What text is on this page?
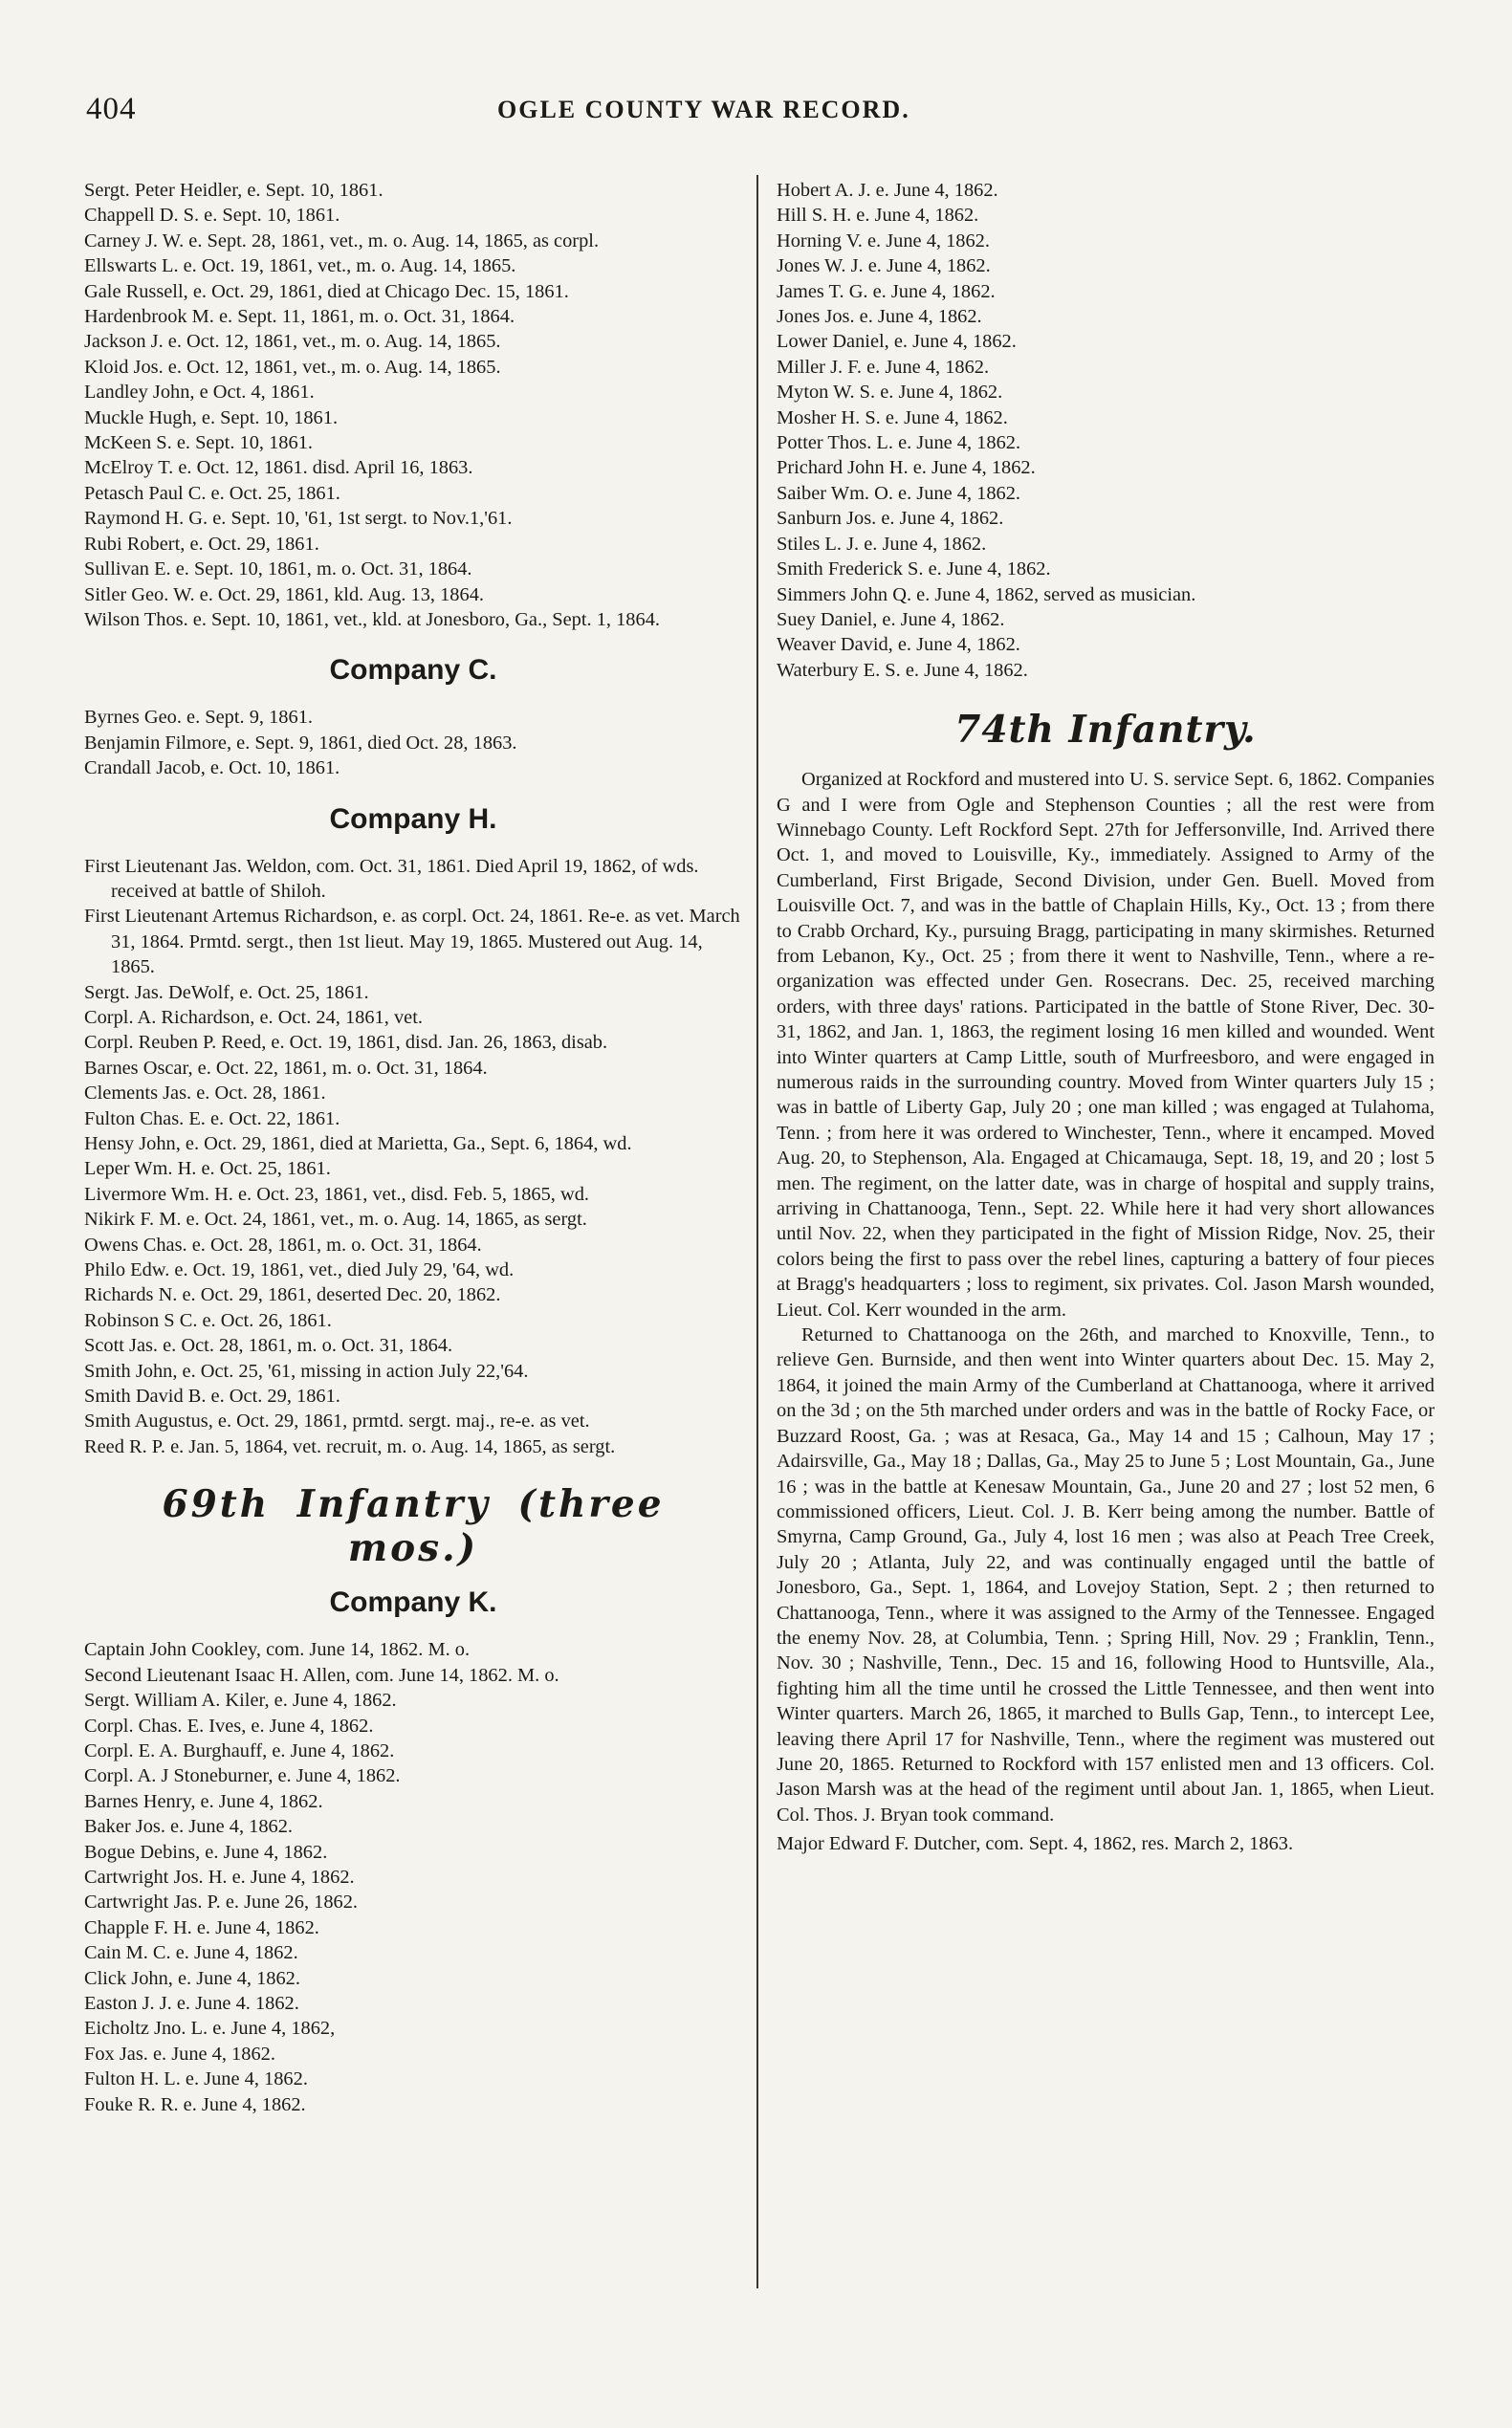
404	OGLE COUNTY WAR RECORD.

Sergt. Peter Heidler, e. Sept. 10, 1861.

Chappell D. S. e. Sept. 10, 1861.

Carney J. W. e. Sept. 28, 1861, vet., m. o. Aug. 14, 1865, as corpl.

Ellswarts L. e. Oct. 19, 1861, vet., m. o. Aug. 14, 1865.

Gale Russell, e. Oct. 29, 1861, died at Chicago Dec. 15, 1861.

Hardenbrook M. e. Sept. 11, 1861, m. o. Oct. 31, 1864.

Jackson J. e. Oct. 12, 1861, vet., m. o. Aug. 14, 1865.

Kloid Jos. e. Oct. 12, 1861, vet., m. o. Aug. 14, 1865.

Landley John, e Oct. 4, 1861.

Muckle Hugh, e. Sept. 10, 1861.

McKeen S. e. Sept. 10, 1861.

McElroy T. e. Oct. 12, 1861. disd. April 16, 1863.

Petasch Paul C. e. Oct. 25, 1861.

Raymond H. G. e. Sept. 10, '61, 1st sergt. to Nov.1,'61.

Rubi Robert, e. Oct. 29, 1861.

Sullivan E. e. Sept. 10, 1861, m. o. Oct. 31, 1864.

Sitler Geo. W. e. Oct. 29, 1861, kld. Aug. 13, 1864.

Wilson Thos. e. Sept. 10, 1861, vet., kld. at Jonesboro, Ga., Sept. 1, 1864.

Company C.

Byrnes Geo. e. Sept. 9, 1861.

Benjamin Filmore, e. Sept. 9, 1861, died Oct. 28, 1863.

Crandall Jacob, e. Oct. 10, 1861.

Company H.

First Lieutenant Jas. Weldon, com. Oct. 31, 1861. Died April 19, 1862, of wds. received at battle of Shiloh.

First Lieutenant Artemus Richardson, e. as corpl. Oct. 24, 1861. Re-e. as vet. March 31, 1864. Prmtd. sergt., then 1st lieut. May 19, 1865. Mustered out Aug. 14, 1865.

Sergt. Jas. DeWolf, e. Oct. 25, 1861.

Corpl. A. Richardson, e. Oct. 24, 1861, vet.

Corpl. Reuben P. Reed, e. Oct. 19, 1861, disd. Jan. 26, 1863, disab.

Barnes Oscar, e. Oct. 22, 1861, m. o. Oct. 31, 1864.

Clements Jas. e. Oct. 28, 1861.

Fulton Chas. E. e. Oct. 22, 1861.

Hensy John, e. Oct. 29, 1861, died at Marietta, Ga., Sept. 6, 1864, wd.

Leper Wm. H. e. Oct. 25, 1861.

Livermore Wm. H. e. Oct. 23, 1861, vet., disd. Feb. 5, 1865, wd.

Nikirk F. M. e. Oct. 24, 1861, vet., m. o. Aug. 14, 1865, as sergt.

Owens Chas. e. Oct. 28, 1861, m. o. Oct. 31, 1864.

Philo Edw. e. Oct. 19, 1861, vet., died July 29, '64, wd.

Richards N. e. Oct. 29, 1861, deserted Dec. 20, 1862.

Robinson S C. e. Oct. 26, 1861.

Scott Jas. e. Oct. 28, 1861, m. o. Oct. 31, 1864.

Smith John, e. Oct. 25, '61, missing in action July 22,'64.

Smith David B. e. Oct. 29, 1861.

Smith Augustus, e. Oct. 29, 1861, prmtd. sergt. maj., re-e. as vet.

Reed R. P. e. Jan. 5, 1864, vet. recruit, m. o. Aug. 14, 1865, as sergt.

69th Infantry (three mos.)
Company K.

Captain John Cookley, com. June 14, 1862. M. o.

Second Lieutenant Isaac H. Allen, com. June 14, 1862. M. o.

Sergt. William A. Kiler, e. June 4, 1862.

Corpl. Chas. E. Ives, e. June 4, 1862.

Corpl. E. A. Burghauff, e. June 4, 1862.

Corpl. A. J Stoneburner, e. June 4, 1862.

Barnes Henry, e. June 4, 1862.

Baker Jos. e. June 4, 1862.

Bogue Debins, e. June 4, 1862.

Cartwright Jos. H. e. June 4, 1862.

Cartwright Jas. P. e. June 26, 1862.

Chapple F. H. e. June 4, 1862.

Cain M. C. e. June 4, 1862.

Click John, e. June 4, 1862.

Easton J. J. e. June 4. 1862.

Eicholtz Jno. L. e. June 4, 1862,

Fox Jas. e. June 4, 1862.

Fulton H. L. e. June 4, 1862.

Fouke R. R. e. June 4, 1862.

Hobert A. J. e. June 4, 1862.

Hill S. H. e. June 4, 1862.

Horning V. e. June 4, 1862.

Jones W. J. e. June 4, 1862.

James T. G. e. June 4, 1862.

Jones Jos. e. June 4, 1862.

Lower Daniel, e. June 4, 1862.

Miller J. F. e. June 4, 1862.

Myton W. S. e. June 4, 1862.

Mosher H. S. e. June 4, 1862.

Potter Thos. L. e. June 4, 1862.

Prichard John H. e. June 4, 1862.

Saiber Wm. O. e. June 4, 1862.

Sanburn Jos. e. June 4, 1862.

Stiles L. J. e. June 4, 1862.

Smith Frederick S. e. June 4, 1862.

Simmers John Q. e. June 4, 1862, served as musician.

Suey Daniel, e. June 4, 1862.

Weaver David, e. June 4, 1862.

Waterbury E. S. e. June 4, 1862.

74th Infantry.

Organized at Rockford and mustered into U. S. service Sept. 6, 1862. Companies G and I were from Ogle and Stephenson Counties ; all the rest were from Winnebago County. Left Rockford Sept. 27th for Jeffersonville, Ind. Arrived there Oct. 1, and moved to Louisville, Ky., immediately. Assigned to Army of the Cumberland, First Brigade, Second Division, under Gen. Buell. Moved from Louisville Oct. 7, and was in the battle of Chaplain Hills, Ky., Oct. 13 ; from there to Crabb Orchard, Ky., pursuing Bragg, participating in many skirmishes. Returned from Lebanon, Ky., Oct. 25 ; from there it went to Nashville, Tenn., where a re-organization was effected under Gen. Rosecrans. Dec. 25, received marching orders, with three days' rations. Participated in the battle of Stone River, Dec. 30-31, 1862, and Jan. 1, 1863, the regiment losing 16 men killed and wounded. Went into Winter quarters at Camp Little, south of Murfreesboro, and were engaged in numerous raids in the surrounding country. Moved from Winter quarters July 15 ; was in battle of Liberty Gap, July 20 ; one man killed ; was engaged at Tulahoma, Tenn. ; from here it was ordered to Winchester, Tenn., where it encamped. Moved Aug. 20, to Stephenson, Ala. Engaged at Chicamauga, Sept. 18, 19, and 20 ; lost 5 men. The regiment, on the latter date, was in charge of hospital and supply trains, arriving in Chattanooga, Tenn., Sept. 22. While here it had very short allowances until Nov. 22, when they participated in the fight of Mission Ridge, Nov. 25, their colors being the first to pass over the rebel lines, capturing a battery of four pieces at Bragg's headquarters ; loss to regiment, six privates. Col. Jason Marsh wounded, Lieut. Col. Kerr wounded in the arm.

Returned to Chattanooga on the 26th, and marched to Knoxville, Tenn., to relieve Gen. Burnside, and then went into Winter quarters about Dec. 15. May 2, 1864, it joined the main Army of the Cumberland at Chattanooga, where it arrived on the 3d ; on the 5th marched under orders and was in the battle of Rocky Face, or Buzzard Roost, Ga. ; was at Resaca, Ga., May 14 and 15 ; Calhoun, May 17 ; Adairsville, Ga., May 18 ; Dallas, Ga., May 25 to June 5 ; Lost Mountain, Ga., June 16 ; was in the battle at Kenesaw Mountain, Ga., June 20 and 27 ; lost 52 men, 6 commissioned officers, Lieut. Col. J. B. Kerr being among the number. Battle of Smyrna, Camp Ground, Ga., July 4, lost 16 men ; was also at Peach Tree Creek, July 20 ; Atlanta, July 22, and was continually engaged until the battle of Jonesboro, Ga., Sept. 1, 1864, and Lovejoy Station, Sept. 2 ; then returned to Chattanooga, Tenn., where it was assigned to the Army of the Tennessee. Engaged the enemy Nov. 28, at Columbia, Tenn. ; Spring Hill, Nov. 29 ; Franklin, Tenn., Nov. 30 ; Nashville, Tenn., Dec. 15 and 16, following Hood to Huntsville, Ala., fighting him all the time until he crossed the Little Tennessee, and then went into Winter quarters. March 26, 1865, it marched to Bulls Gap, Tenn., to intercept Lee, leaving there April 17 for Nashville, Tenn., where the regiment was mustered out June 20, 1865. Returned to Rockford with 157 enlisted men and 13 officers. Col. Jason Marsh was at the head of the regiment until about Jan. 1, 1865, when Lieut. Col. Thos. J. Bryan took command.

Major Edward F. Dutcher, com. Sept. 4, 1862, res. March 2, 1863.
